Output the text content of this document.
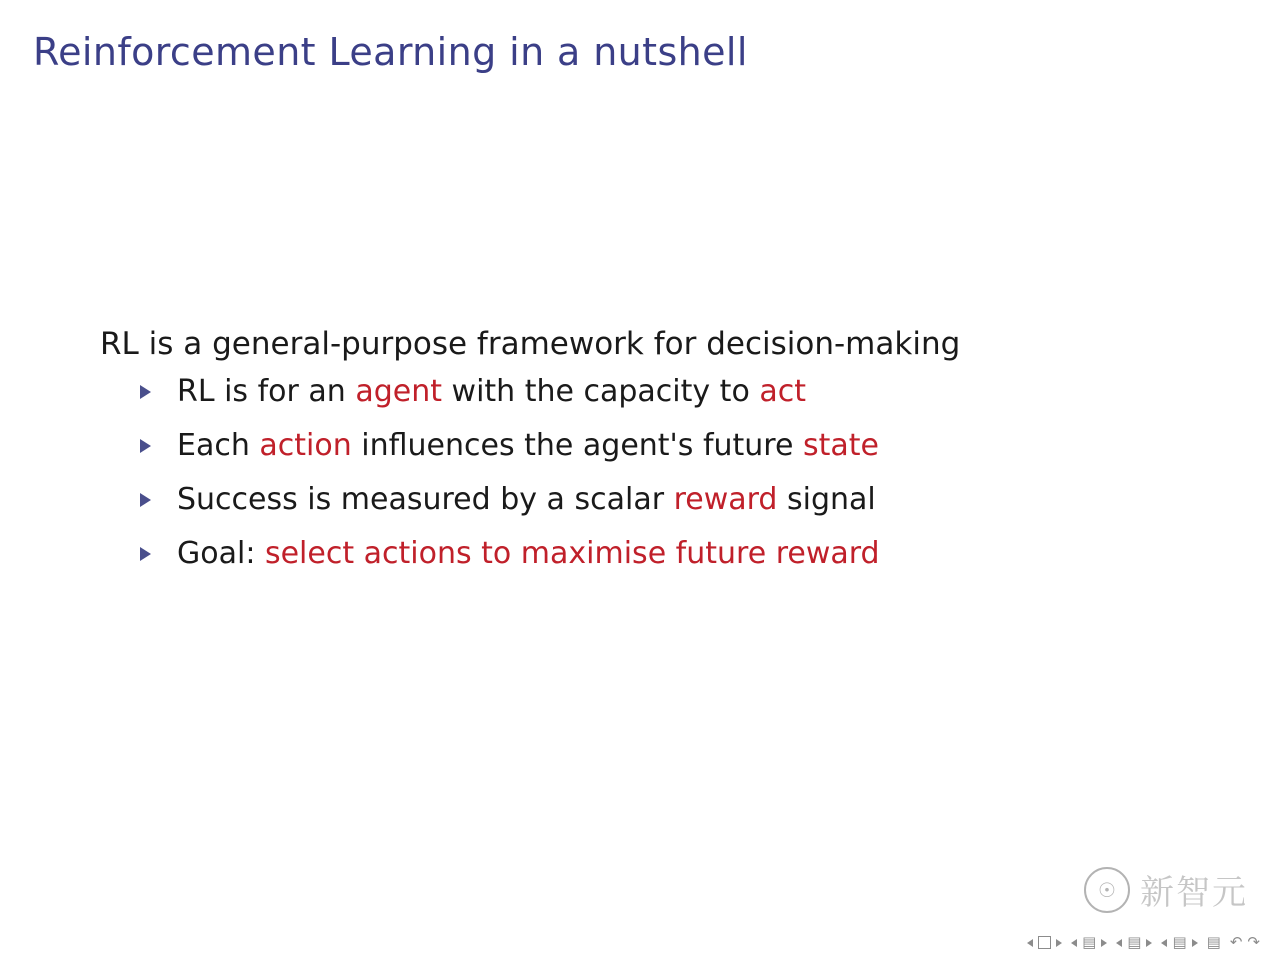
Reinforcement Learning in a nutshell
RL is a general-purpose framework for decision-making
RL is for an agent with the capacity to act
Each action influences the agent's future state
Success is measured by a scalar reward signal
Goal: select actions to maximise future reward
☉ 新智元
▤ ▤ ▤ ▤ ↶ ↷
